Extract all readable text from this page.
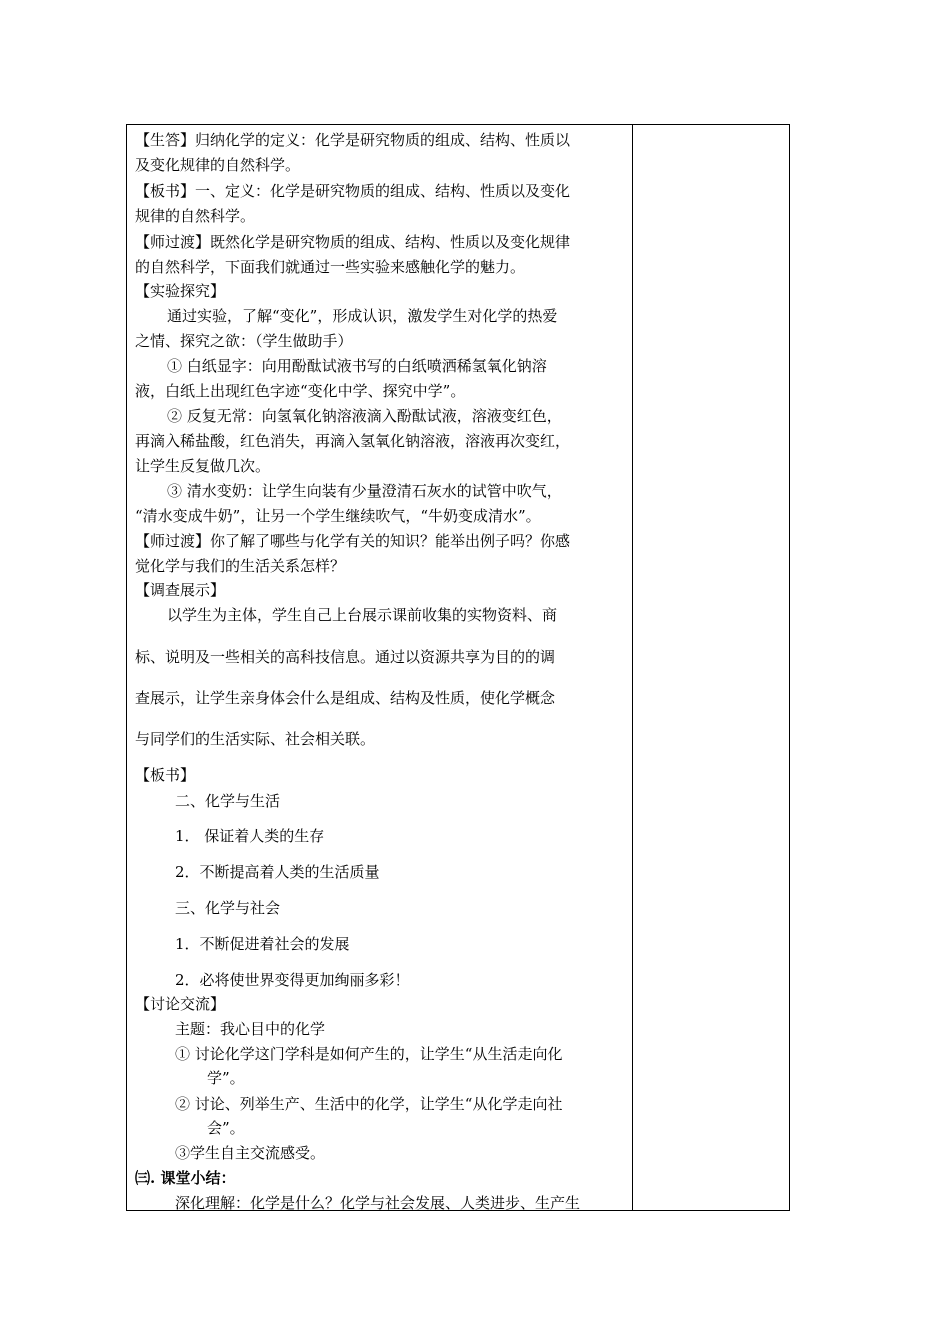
【生答】归纳化学的定义：化学是研究物质的组成、结构、性质以
及变化规律的自然科学。
【板书】一、定义：化学是研究物质的组成、结构、性质以及变化
规律的自然科学。
【师过渡】既然化学是研究物质的组成、结构、性质以及变化规律
的自然科学，下面我们就通过一些实验来感触化学的魅力。
【实验探究】
通过实验，了解“变化”，形成认识，激发学生对化学的热爱
之情、探究之欲：（学生做助手）
① 白纸显字：向用酚酞试液书写的白纸喷洒稀氢氧化钠溶
液，白纸上出现红色字迹“变化中学、探究中学”。
② 反复无常：向氢氧化钠溶液滴入酚酞试液，溶液变红色，
再滴入稀盐酸，红色消失，再滴入氢氧化钠溶液，溶液再次变红，
让学生反复做几次。
③ 清水变奶：让学生向装有少量澄清石灰水的试管中吹气，
“清水变成牛奶”，让另一个学生继续吹气，“牛奶变成清水”。
【师过渡】你了解了哪些与化学有关的知识？能举出例子吗？你感
觉化学与我们的生活关系怎样？
【调查展示】
以学生为主体，学生自己上台展示课前收集的实物资料、商
标、说明及一些相关的高科技信息。通过以资源共享为目的的调
查展示，让学生亲身体会什么是组成、结构及性质，使化学概念
与同学们的生活实际、社会相关联。
【板书】
二、化学与生活
1． 保证着人类的生存
2．不断提高着人类的生活质量
三、化学与社会
1．不断促进着社会的发展
2．必将使世界变得更加绚丽多彩！
【讨论交流】
主题：我心目中的化学
① 讨论化学这门学科是如何产生的，让学生“从生活走向化
学”。
② 讨论、列举生产、生活中的化学，让学生“从化学走向社
会”。
③学生自主交流感受。
㈢. 课堂小结：
深化理解：化学是什么？化学与社会发展、人类进步、生产生
